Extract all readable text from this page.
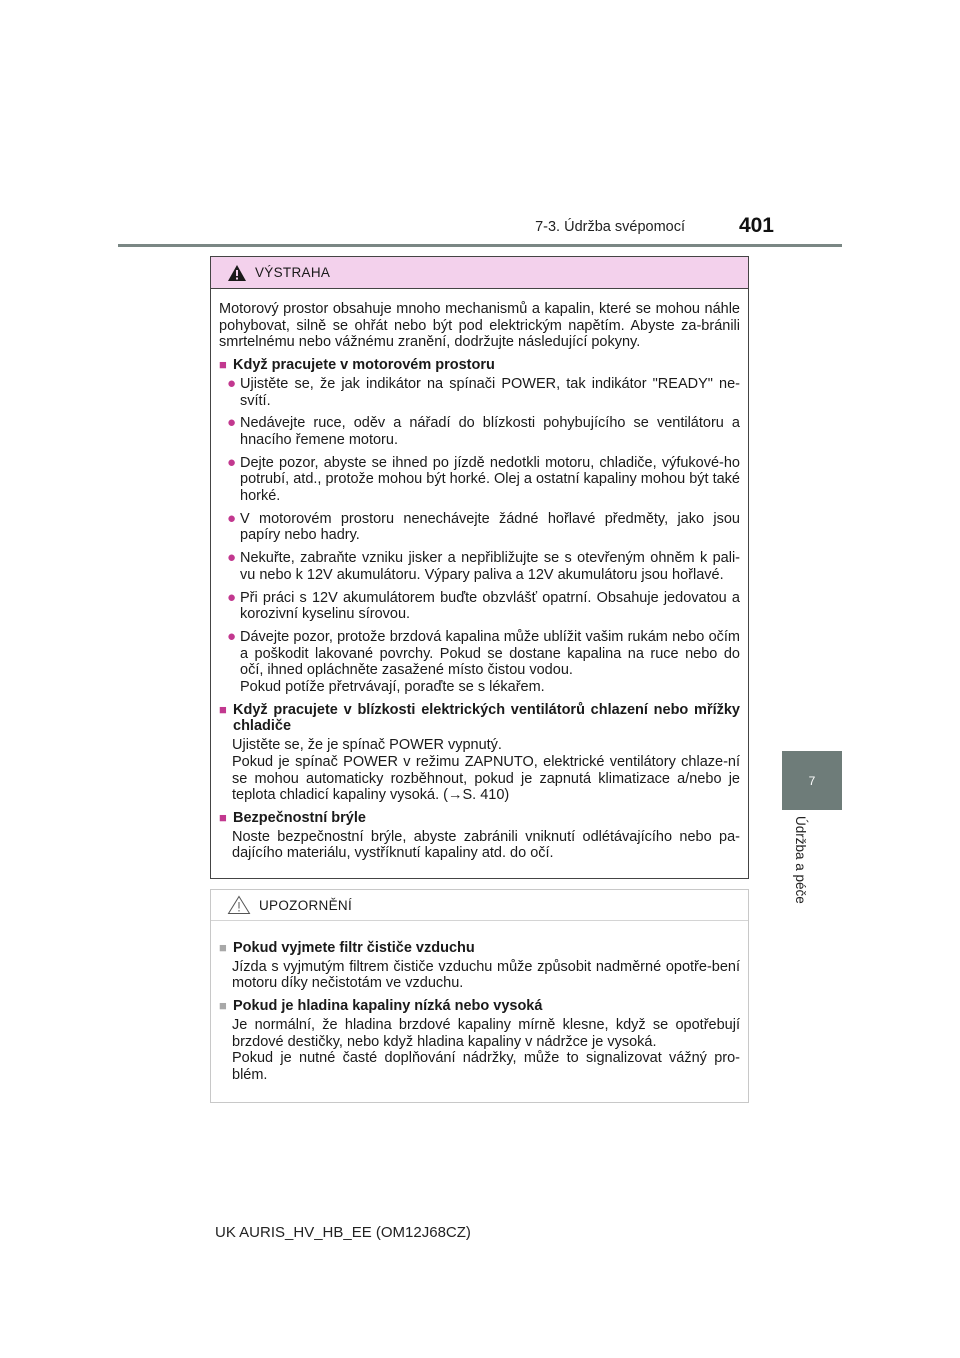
7-3. Údržba svépomocí	401
7
Údržba a péče
VÝSTRAHA

Motorový prostor obsahuje mnoho mechanismů a kapalin, které se mohou náhle pohybovat, silně se ohřát nebo být pod elektrickým napětím. Abyste za-bránili smrtelnému nebo vážnému zranění, dodržujte následující pokyny.

■ Když pracujete v motorovém prostoru
● Ujistěte se, že jak indikátor na spínači POWER, tak indikátor "READY" ne-svítí.
● Nedávejte ruce, oděv a nářadí do blízkosti pohybujícího se ventilátoru a hnacího řemene motoru.
● Dejte pozor, abyste se ihned po jízdě nedotkli motoru, chladiče, výfukové-ho potrubí, atd., protože mohou být horké. Olej a ostatní kapaliny mohou být také horké.
● V motorovém prostoru nenechávejte žádné hořlavé předměty, jako jsou papíry nebo hadry.
● Nekuřte, zabraňte vzniku jisker a nepřibližujte se s otevřeným ohněm k pali-vu nebo k 12V akumulátoru. Výpary paliva a 12V akumulátoru jsou hořlavé.
● Při práci s 12V akumulátorem buďte obzvlášť opatrní. Obsahuje jedovatou a korozivní kyselinu sírovou.
● Dávejte pozor, protože brzdová kapalina může ublížit vašim rukám nebo očím a poškodit lakované povrchy. Pokud se dostane kapalina na ruce nebo do očí, ihned opláchněte zasažené místo čistou vodou.
Pokud potíže přetrvávají, poraďte se s lékařem.
■ Když pracujete v blízkosti elektrických ventilátorů chlazení nebo mřížky chladiče
Ujistěte se, že je spínač POWER vypnutý.
Pokud je spínač POWER v režimu ZAPNUTO, elektrické ventilátory chlaze-ní se mohou automaticky rozběhnout, pokud je zapnutá klimatizace a/nebo je teplota chladicí kapaliny vysoká. (→S. 410)
■ Bezpečnostní brýle
Noste bezpečnostní brýle, abyste zabránili vniknutí odlétávajícího nebo pa-dajícího materiálu, vystříknutí kapaliny atd. do očí.
UPOZORNĚNÍ
■ Pokud vyjmete filtr čističe vzduchu
Jízda s vyjmutým filtrem čističe vzduchu může způsobit nadměrné opotře-bení motoru díky nečistotám ve vzduchu.
■ Pokud je hladina kapaliny nízká nebo vysoká
Je normální, že hladina brzdové kapaliny mírně klesne, když se opotřebují brzdové destičky, nebo když hladina kapaliny v nádržce je vysoká.
Pokud je nutné časté doplňování nádržky, může to signalizovat vážný pro-blém.
UK AURIS_HV_HB_EE (OM12J68CZ)
